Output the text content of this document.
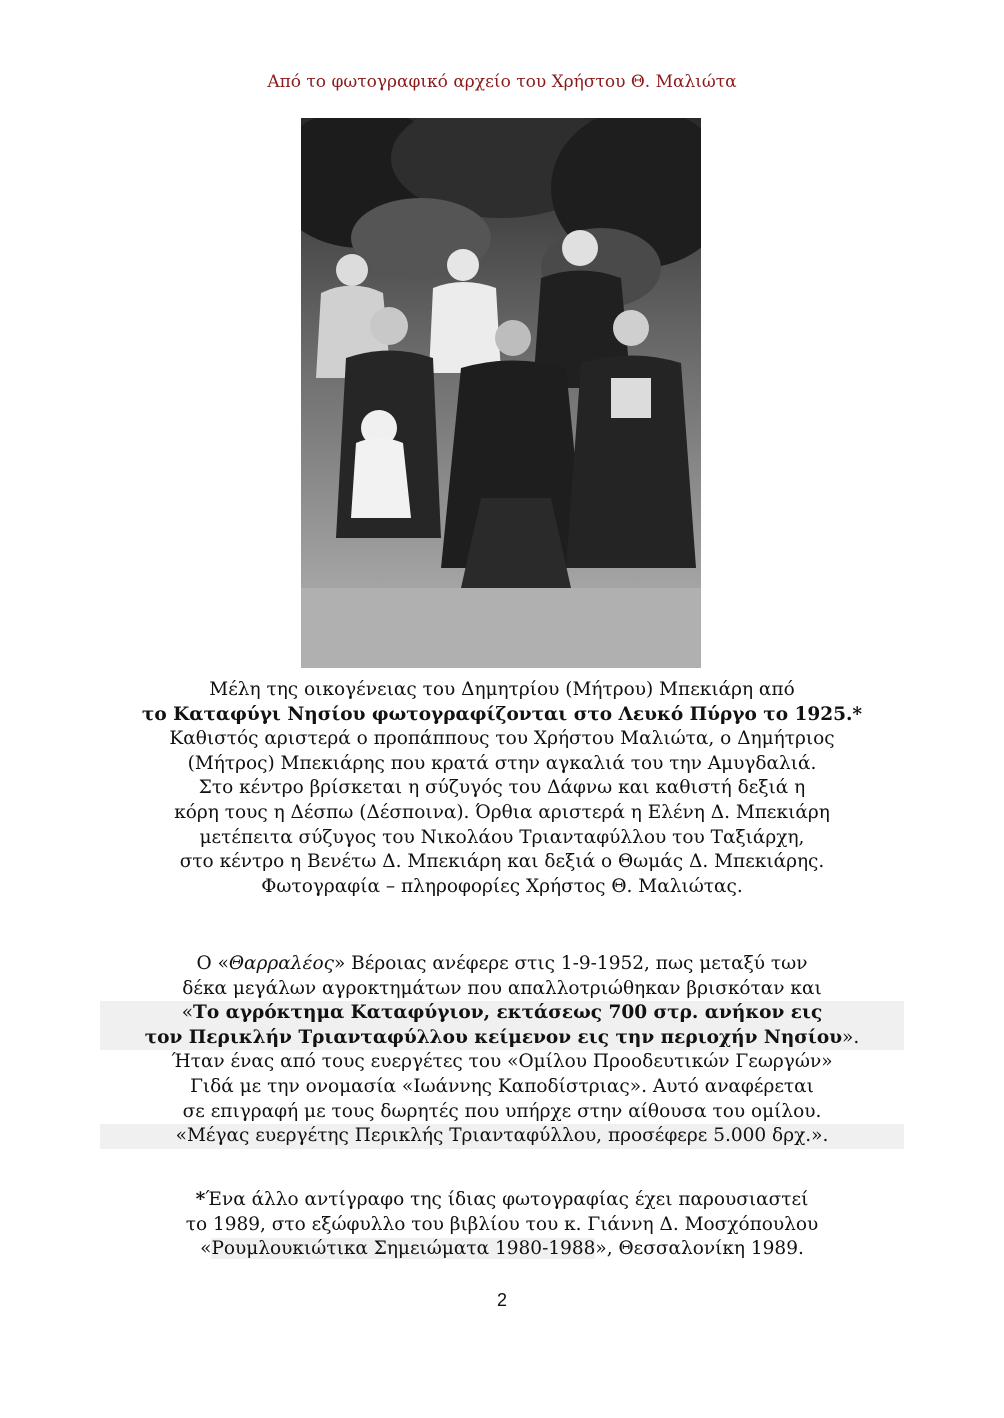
Από το φωτογραφικό αρχείο του Χρήστου Θ. Μαλιώτα
Μέλη της οικογένειας του Δημητρίου (Μήτρου) Μπεκιάρη από
το Καταφύγι Νησίου φωτογραφίζονται στο Λευκό Πύργο το 1925.*
Καθιστός αριστερά ο προπάππους του Χρήστου Μαλιώτα, ο Δημήτριος
(Μήτρος) Μπεκιάρης που κρατά στην αγκαλιά του την Αμυγδαλιά.
Στο κέντρο βρίσκεται η σύζυγός του Δάφνω και καθιστή δεξιά η
κόρη τους η Δέσπω (Δέσποινα). Όρθια αριστερά η Ελένη Δ. Μπεκιάρη
μετέπειτα σύζυγος του Νικολάου Τριανταφύλλου του Ταξιάρχη,
στο κέντρο η Βενέτω Δ. Μπεκιάρη και δεξιά ο Θωμάς Δ. Μπεκιάρης.
Φωτογραφία – πληροφορίες Χρήστος Θ. Μαλιώτας.
Ο «Θαρραλέος» Βέροιας ανέφερε στις 1-9-1952, πως μεταξύ των
δέκα μεγάλων αγροκτημάτων που απαλλοτριώθηκαν βρισκόταν και
«Το αγρόκτημα Καταφύγιον, εκτάσεως 700 στρ. ανήκον εις
τον Περικλήν Τριανταφύλλου κείμενον εις την περιοχήν Νησίου».
Ήταν ένας από τους ευεργέτες του «Ομίλου Προοδευτικών Γεωργών»
Γιδά με την ονομασία «Ιωάννης Καποδίστριας». Αυτό αναφέρεται
σε επιγραφή με τους δωρητές που υπήρχε στην αίθουσα του ομίλου.
«Μέγας ευεργέτης Περικλής Τριανταφύλλου, προσέφερε 5.000 δρχ.».
*Ένα άλλο αντίγραφο της ίδιας φωτογραφίας έχει παρουσιαστεί
το 1989, στο εξώφυλλο του βιβλίου του κ. Γιάννη Δ. Μοσχόπουλου
«Ρουμλουκιώτικα Σημειώματα 1980-1988», Θεσσαλονίκη 1989.
2
